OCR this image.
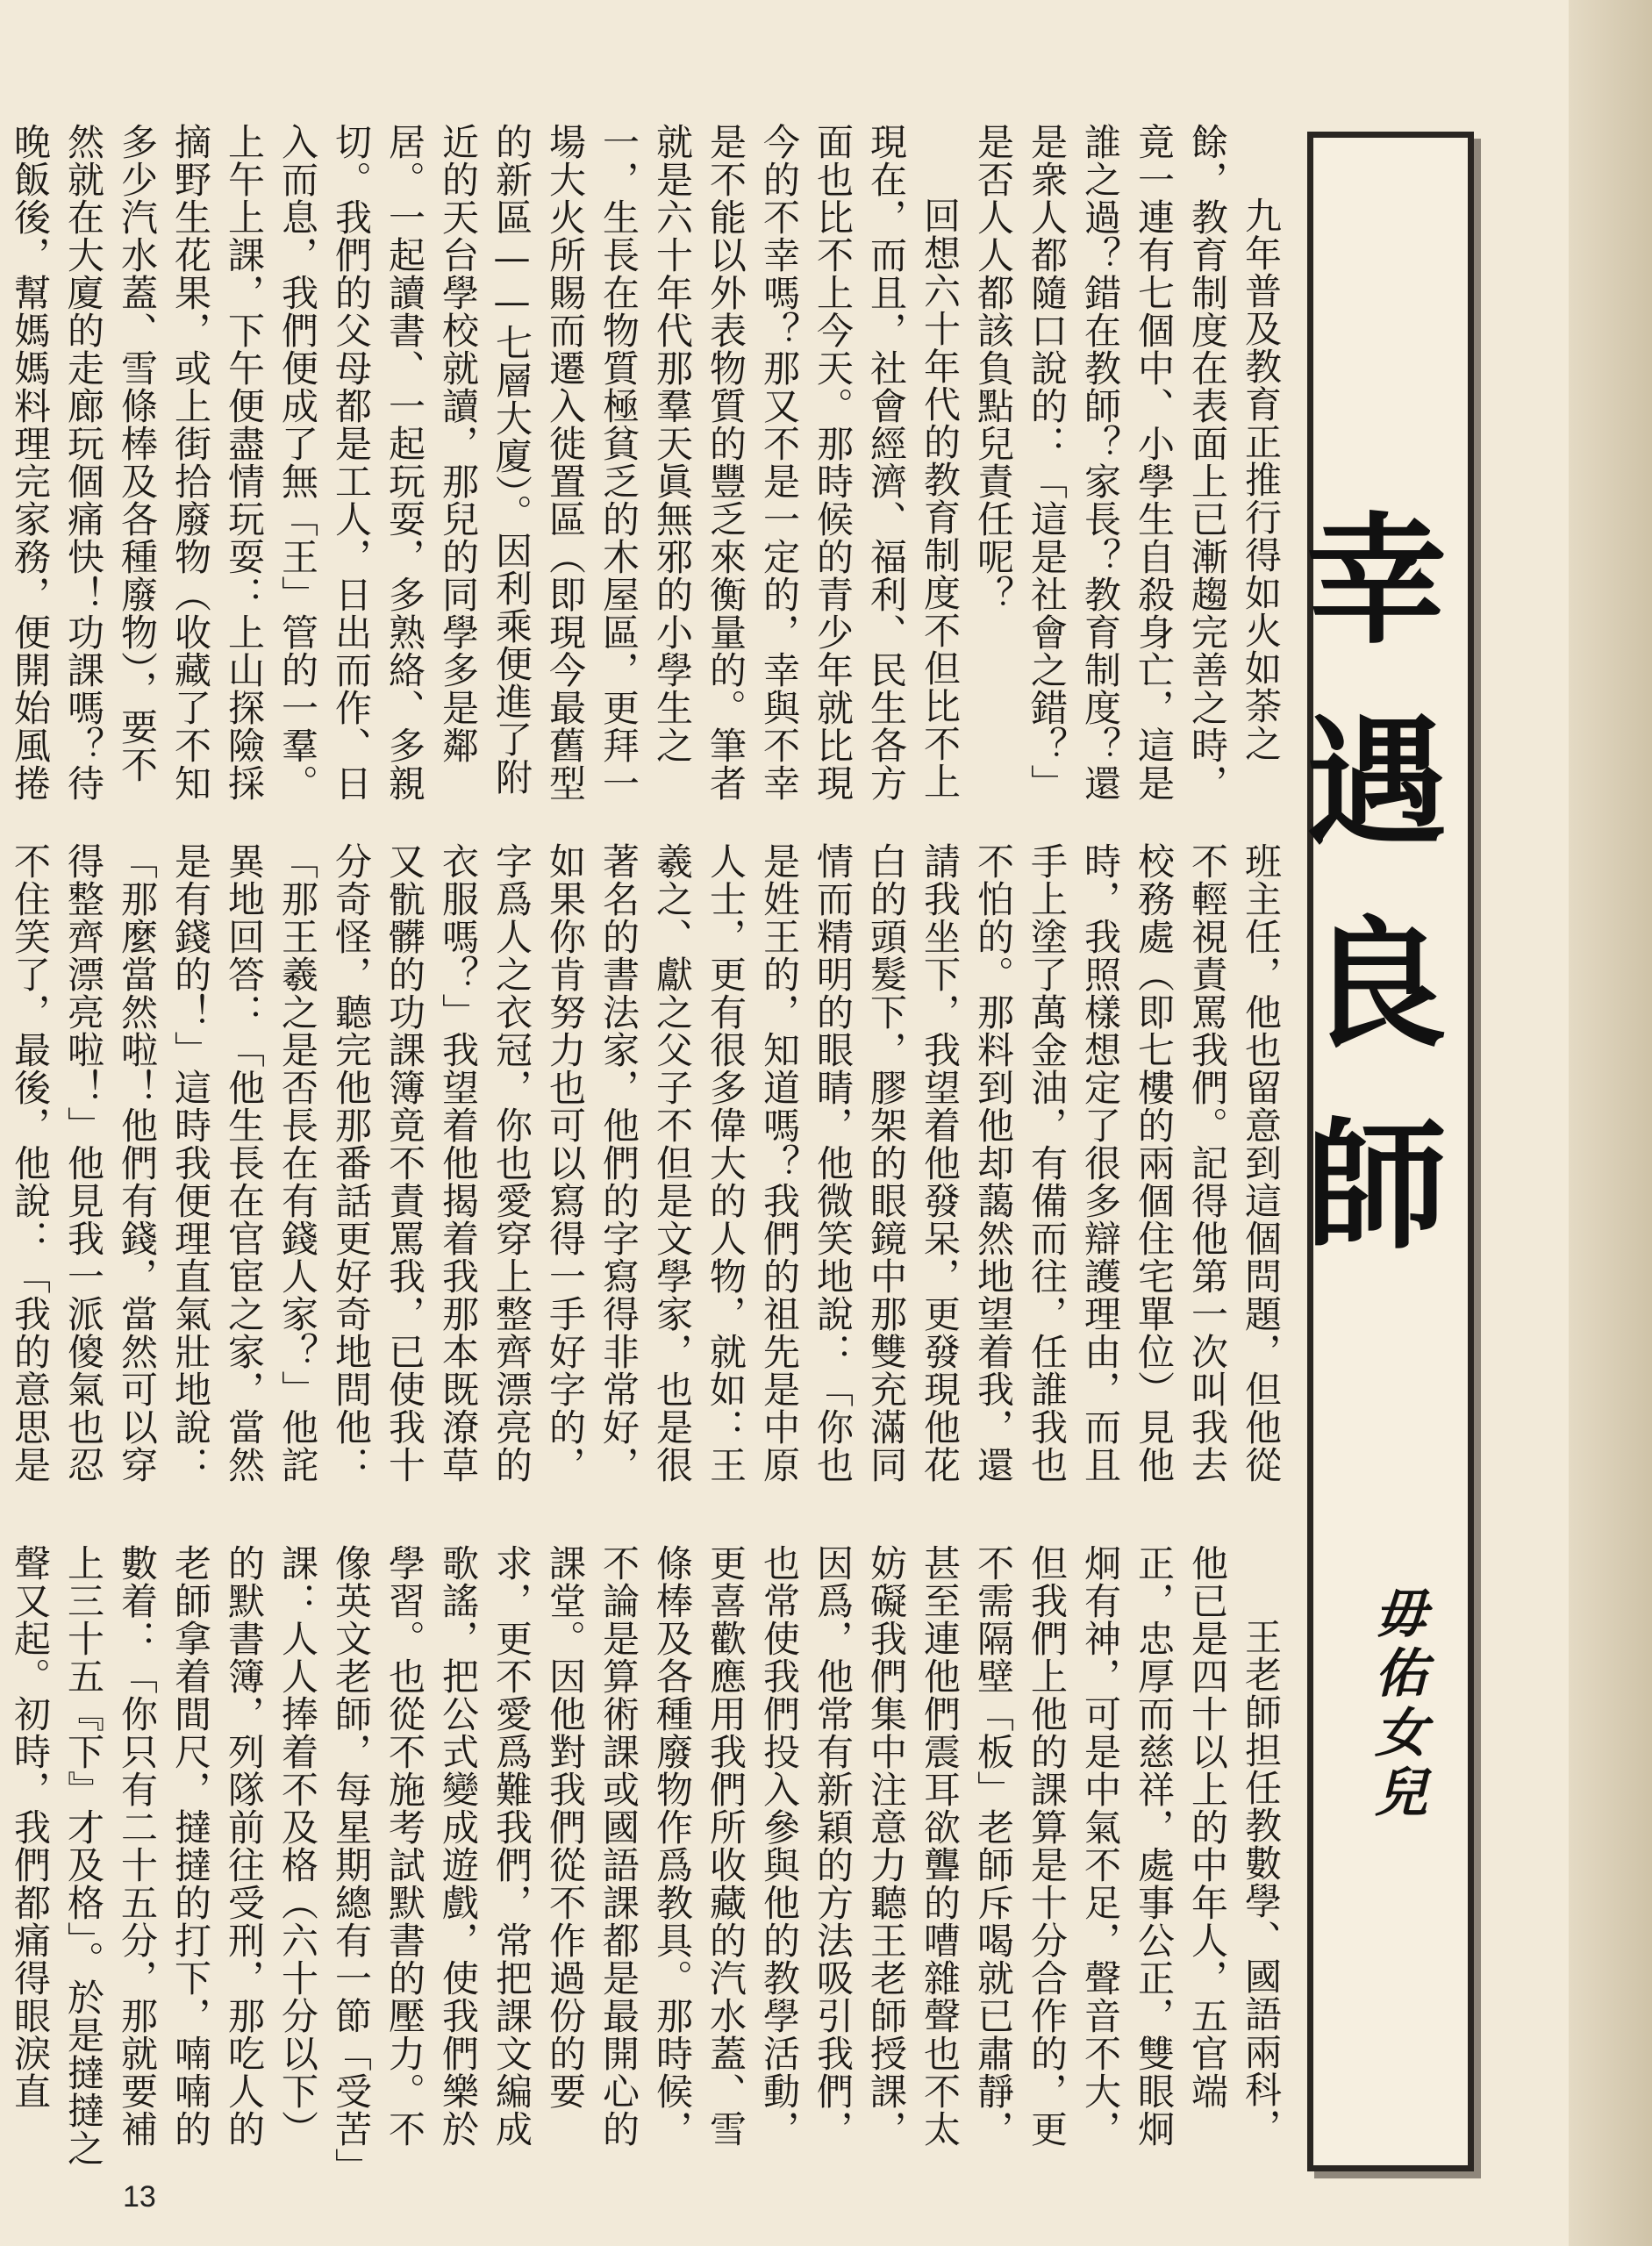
九年普及教育正推行得如火如荼之餘，教育制度在表面上已漸趨完善之時，竟一連有七個中、小學生自殺身亡，這是誰之過？錯在教師？家長？教育制度？還是衆人都隨口說的：「這是社會之錯？」是否人人都該負點兒責任呢？

回想六十年代的教育制度不但比不上現在，而且，社會經濟、福利、民生各方面也比不上今天。那時候的青少年就比現今的不幸嗎？那又不是一定的，幸與不幸是不能以外表物質的豐乏來衡量的。筆者就是六十年代那羣天眞無邪的小學生之一，生長在物質極貧乏的木屋區，更拜一場大火所賜而遷入徙置區（即現今最舊型的新區——七層大廈）。因利乘便進了附近的天台學校就讀，那兒的同學多是鄰居。一起讀書、一起玩耍，多熟絡、多親切。我們的父母都是工人，日出而作、日入而息，我們便成了無「王」管的一羣。上午上課，下午便盡情玩耍：上山探險採摘野生花果，或上街拾廢物（收藏了不知多少汽水蓋、雪條棒及各種廢物），要不然就在大廈的走廊玩個痛快！功課嗎？待晚飯後，幫媽媽料理完家務，便開始風捲

班主任，他也留意到這個問題，但他從不輕視責罵我們。記得他第一次叫我去校務處（即七樓的兩個住宅單位）見他時，我照樣想定了很多辯護理由，而且手上塗了萬金油，有備而往，任誰我也不怕的。那料到他却藹然地望着我，還請我坐下，我望着他發呆，更發現他花白的頭髮下，膠架的眼鏡中那雙充滿同情而精明的眼睛，他微笑地說：「你也是姓王的，知道嗎？我們的祖先是中原人士，更有很多偉大的人物，就如：王羲之、獻之父子不但是文學家，也是很著名的書法家，他們的字寫得非常好，如果你肯努力也可以寫得一手好字的，字爲人之衣冠，你也愛穿上整齊漂亮的衣服嗎？」我望着他揭着我那本既潦草又骯髒的功課簿竟不責罵我，已使我十分奇怪，聽完他那番話更好奇地問他：「那王羲之是否長在有錢人家？」他詫異地回答：「他生長在官宦之家，當然是有錢的！」這時我便理直氣壯地說：「那麼當然啦！他們有錢，當然可以穿得整齊漂亮啦！」他見我一派傻氣也忍不住笑了，最後，他說：「我的意思是

王老師担任教數學、國語兩科，他已是四十以上的中年人，五官端正，忠厚而慈祥，處事公正，雙眼炯炯有神，可是中氣不足，聲音不大，但我們上他的課算是十分合作的，更不需隔壁「板」老師斥喝就已肅靜，甚至連他們震耳欲聾的嘈雜聲也不太妨礙我們集中注意力聽王老師授課，因爲，他常有新穎的方法吸引我們，也常使我們投入參與他的教學活動，更喜歡應用我們所收藏的汽水蓋、雪條棒及各種廢物作爲教具。那時候，不論是算術課或國語課都是最開心的課堂。因他對我們從不作過份的要求，更不愛爲難我們，常把課文編成歌謠，把公式變成遊戲，使我們樂於學習。也從不施考試默書的壓力。不像英文老師，每星期總有一節「受苦」課：人人捧着不及格（六十分以下）的默書簿，列隊前往受刑，那吃人的老師拿着間尺，撻撻的打下，喃喃的數着：「你只有二十五分，那就要補上三十五『下』才及格」。於是撻撻之聲又起。初時，我們都痛得眼淚直

幸遇良師
毋佑女兒
13
